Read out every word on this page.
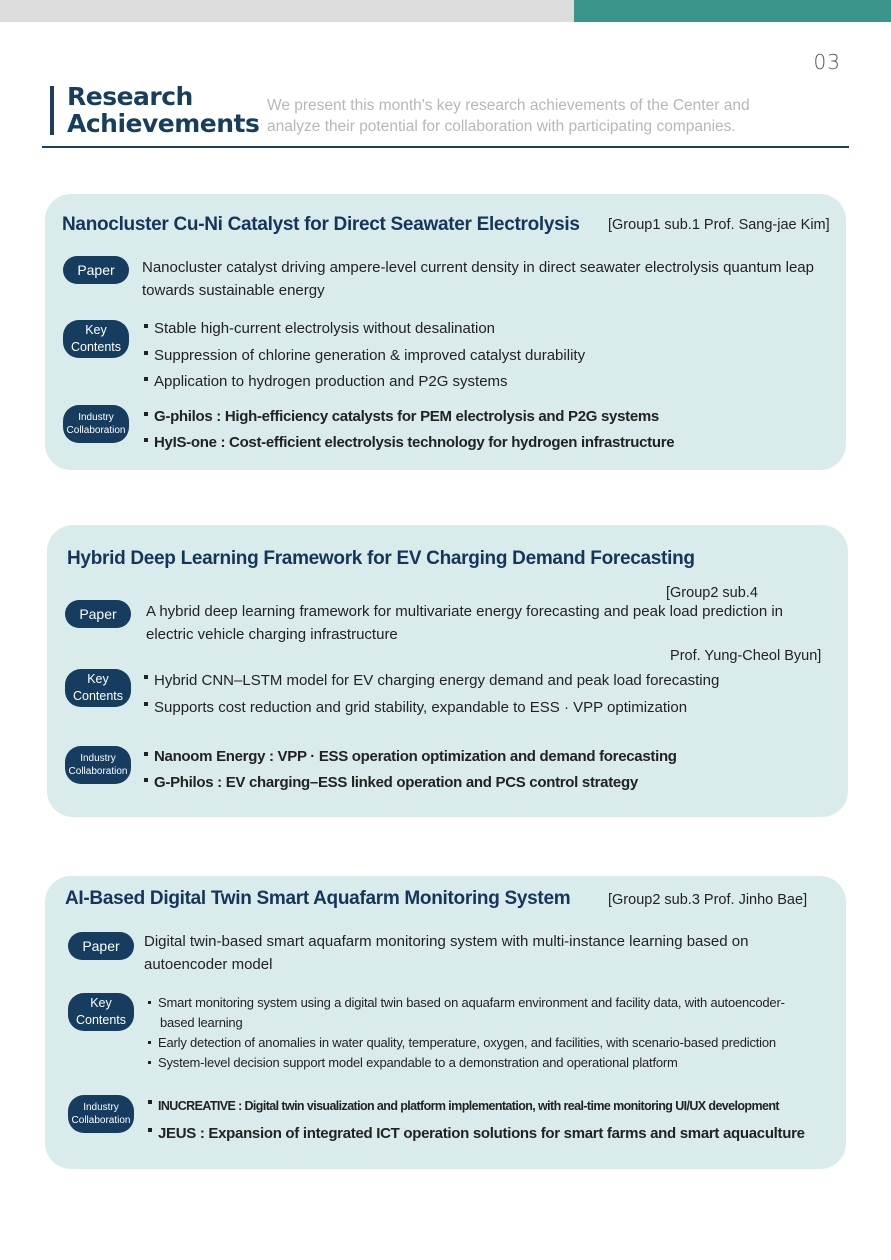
03
Research
Achievements
We present this month's key research achievements of the Center and
analyze their potential for collaboration with participating companies.
Nanocluster Cu-Ni Catalyst for Direct Seawater Electrolysis [Group1 sub.1 Prof. Sang-jae Kim]
Paper Nanocluster catalyst driving ampere-level current density in direct seawater electrolysis quantum leap
towards sustainable energy
Key
Contents
Stable high-current electrolysis without desalination
Suppression of chlorine generation & improved catalyst durability
Application to hydrogen production and P2G systems
Industry
Collaboration
G-philos : High-efficiency catalysts for PEM electrolysis and P2G systems
HyIS-one : Cost-efficient electrolysis technology for hydrogen infrastructure
Hybrid Deep Learning Framework for EV Charging Demand Forecasting

[Group2 sub.4

Prof. Yung-Cheol Byun]

Paper A hybrid deep learning framework for multivariate energy forecasting and peak load prediction in
electric vehicle charging infrastructure
Key
Contents
Hybrid CNN–LSTM model for EV charging energy demand and peak load forecasting
Supports cost reduction and grid stability, expandable to ESS · VPP optimization
Industry
Collaboration
Nanoom Energy : VPP · ESS operation optimization and demand forecasting
G-Philos : EV charging–ESS linked operation and PCS control strategy
AI-Based Digital Twin Smart Aquafarm Monitoring System	[Group2 sub.3 Prof. Jinho Bae]
Paper Digital twin-based smart aquafarm monitoring system with multi-instance learning based on
autoencoder model
Key
Contents
Smart monitoring system using a digital twin based on aquafarm environment and facility data, with autoencoder-
based learning
Early detection of anomalies in water quality, temperature, oxygen, and facilities, with scenario-based prediction
System-level decision support model expandable to a demonstration and operational platform
Industry
Collaboration
INUCREATIVE : Digital twin visualization and platform implementation, with real-time monitoring UI/UX development
JEUS : Expansion of integrated ICT operation solutions for smart farms and smart aquaculture
